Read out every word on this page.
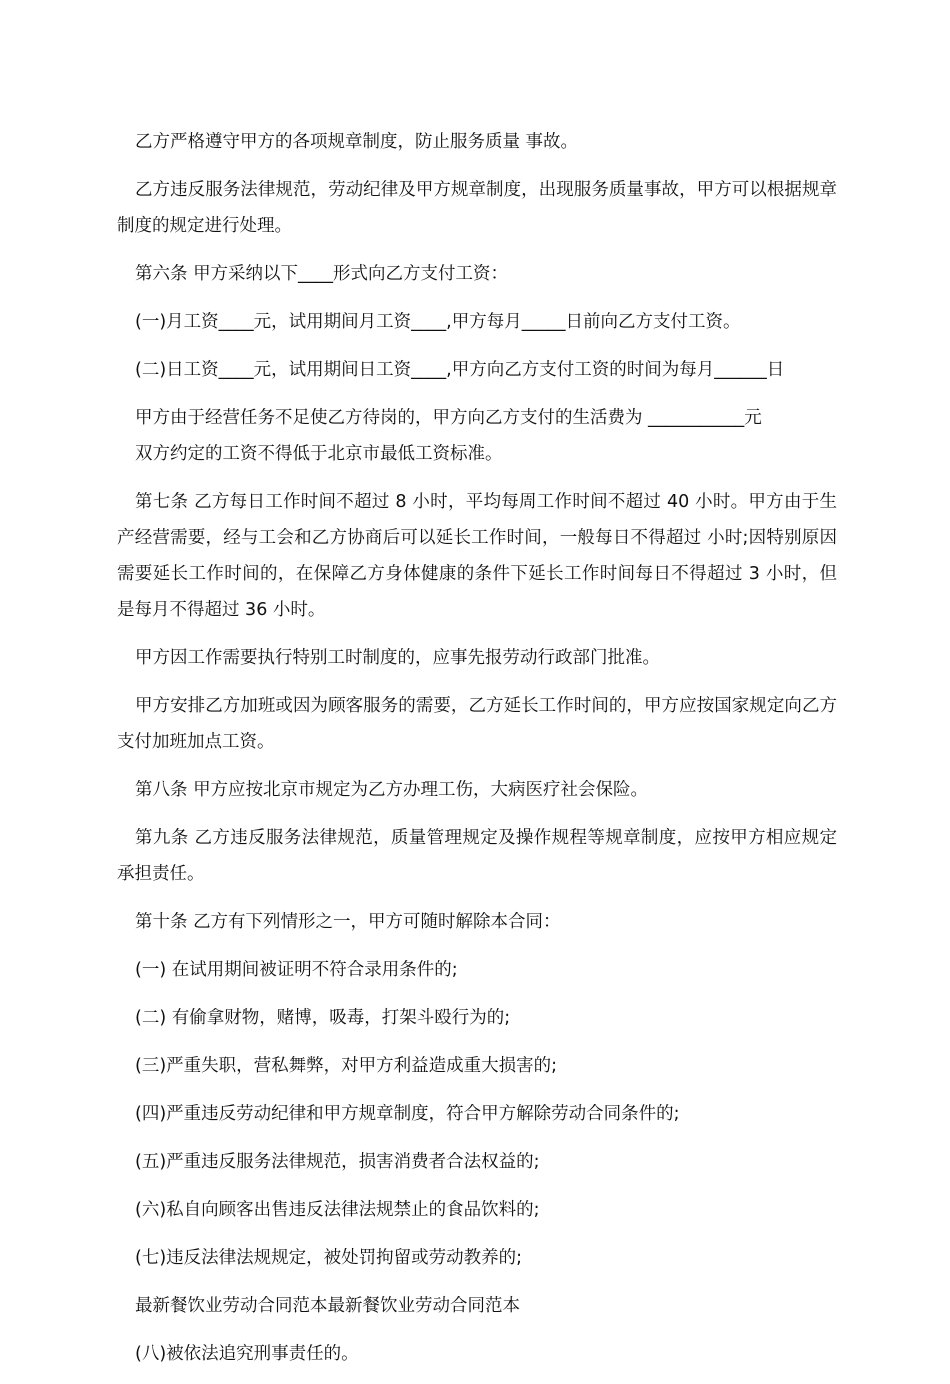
乙方严格遵守甲方的各项规章制度，防止服务质量 事故。

乙方违反服务法律规范，劳动纪律及甲方规章制度，出现服务质量事故，甲方可以根据规章制度的规定进行处理。

第六条 甲方采纳以下____形式向乙方支付工资：

(一)月工资____元，试用期间月工资____,甲方每月_____日前向乙方支付工资。

(二)日工资____元，试用期间日工资____,甲方向乙方支付工资的时间为每月______日

甲方由于经营任务不足使乙方待岗的，甲方向乙方支付的生活费为 ___________元

双方约定的工资不得低于北京市最低工资标准。

第七条 乙方每日工作时间不超过 8 小时，平均每周工作时间不超过 40 小时。甲方由于生产经营需要，经与工会和乙方协商后可以延长工作时间，一般每日不得超过 小时;因特别原因需要延长工作时间的，在保障乙方身体健康的条件下延长工作时间每日不得超过 3 小时，但是每月不得超过 36 小时。

甲方因工作需要执行特别工时制度的，应事先报劳动行政部门批准。

甲方安排乙方加班或因为顾客服务的需要，乙方延长工作时间的，甲方应按国家规定向乙方支付加班加点工资。

第八条 甲方应按北京市规定为乙方办理工伤，大病医疗社会保险。

第九条 乙方违反服务法律规范，质量管理规定及操作规程等规章制度，应按甲方相应规定承担责任。

第十条 乙方有下列情形之一，甲方可随时解除本合同：

(一) 在试用期间被证明不符合录用条件的;

(二) 有偷拿财物，赌博，吸毒，打架斗殴行为的;

(三)严重失职，营私舞弊，对甲方利益造成重大损害的;

(四)严重违反劳动纪律和甲方规章制度，符合甲方解除劳动合同条件的;

(五)严重违反服务法律规范，损害消费者合法权益的;

(六)私自向顾客出售违反法律法规禁止的食品饮料的;

(七)违反法律法规规定，被处罚拘留或劳动教养的;

最新餐饮业劳动合同范本最新餐饮业劳动合同范本

(八)被依法追究刑事责任的。
